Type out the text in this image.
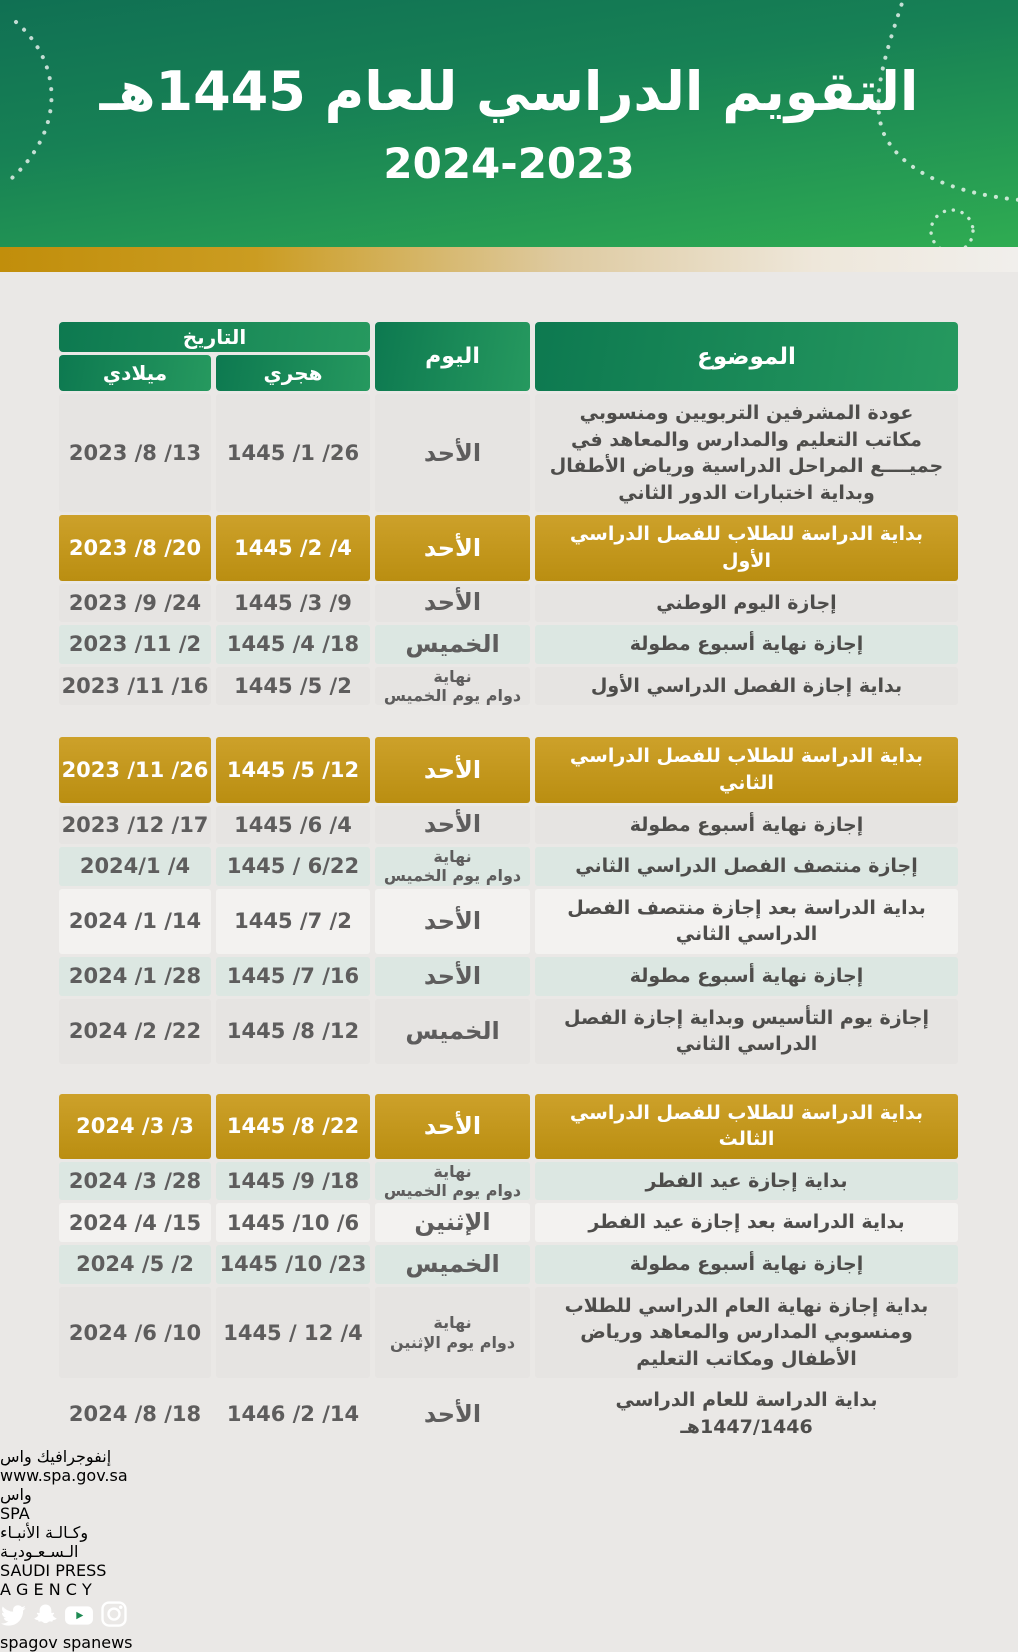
التقويم الدراسي للعام 1445هـ
2024-2023
الموضوع
اليوم
التاريخ
هجري
ميلادي
عودة المشرفين التربويين ومنسوبي مكاتب التعليم والمدارس والمعاهد في جميــــع المراحل الدراسية ورياض الأطفال وبداية اختبارات الدور الثاني
الأحد
1445 /1 /26
2023 /8 /13
بداية الدراسة للطلاب للفصل الدراسي الأول
الأحد
1445 /2 /4
2023 /8 /20
إجازة اليوم الوطني
الأحد
1445 /3 /9
2023 /9 /24
إجازة نهاية أسبوع مطولة
الخميس
1445 /4 /18
2023 /11 /2
بداية إجازة الفصل الدراسي الأول
نهاية
دوام يوم الخميس
1445 /5 /2
2023 /11 /16
بداية الدراسة للطلاب للفصل الدراسي الثاني
الأحد
1445 /5 /12
2023 /11 /26
إجازة نهاية أسبوع مطولة
الأحد
1445 /6 /4
2023 /12 /17
إجازة منتصف الفصل الدراسي الثاني
نهاية
دوام يوم الخميس
1445 / 6/22
2024/1 /4
بداية الدراسة بعد إجازة منتصف الفصل الدراسي الثاني
الأحد
1445 /7 /2
2024 /1 /14
إجازة نهاية أسبوع مطولة
الأحد
1445 /7 /16
2024 /1 /28
إجازة يوم التأسيس وبداية إجازة الفصل الدراسي الثاني
الخميس
1445 /8 /12
2024 /2 /22
بداية الدراسة للطلاب للفصل الدراسي الثالث
الأحد
1445 /8 /22
2024 /3 /3
بداية إجازة عيد الفطر
نهاية
دوام يوم الخميس
1445 /9 /18
2024 /3 /28
بداية الدراسة بعد إجازة عيد الفطر
الإثنين
1445 /10 /6
2024 /4 /15
إجازة نهاية أسبوع مطولة
الخميس
1445 /10 /23
2024 /5 /2
بداية إجازة نهاية العام الدراسي للطلاب ومنسوبي المدارس والمعاهد ورياض الأطفال ومكاتب التعليم
نهاية
دوام يوم الإثنين
1445 / 12 /4
2024 /6 /10
بداية الدراسة للعام الدراسي 1447/1446هـ
الأحد
1446 /2 /14
2024 /8 /18
إنفوجرافيك واس
www.spa.gov.sa
واس
SPA
وكـالـة الأنبـاء
الـسـعـوديـة
SAUDI PRESS
A G E N C Y

spagov spanews
